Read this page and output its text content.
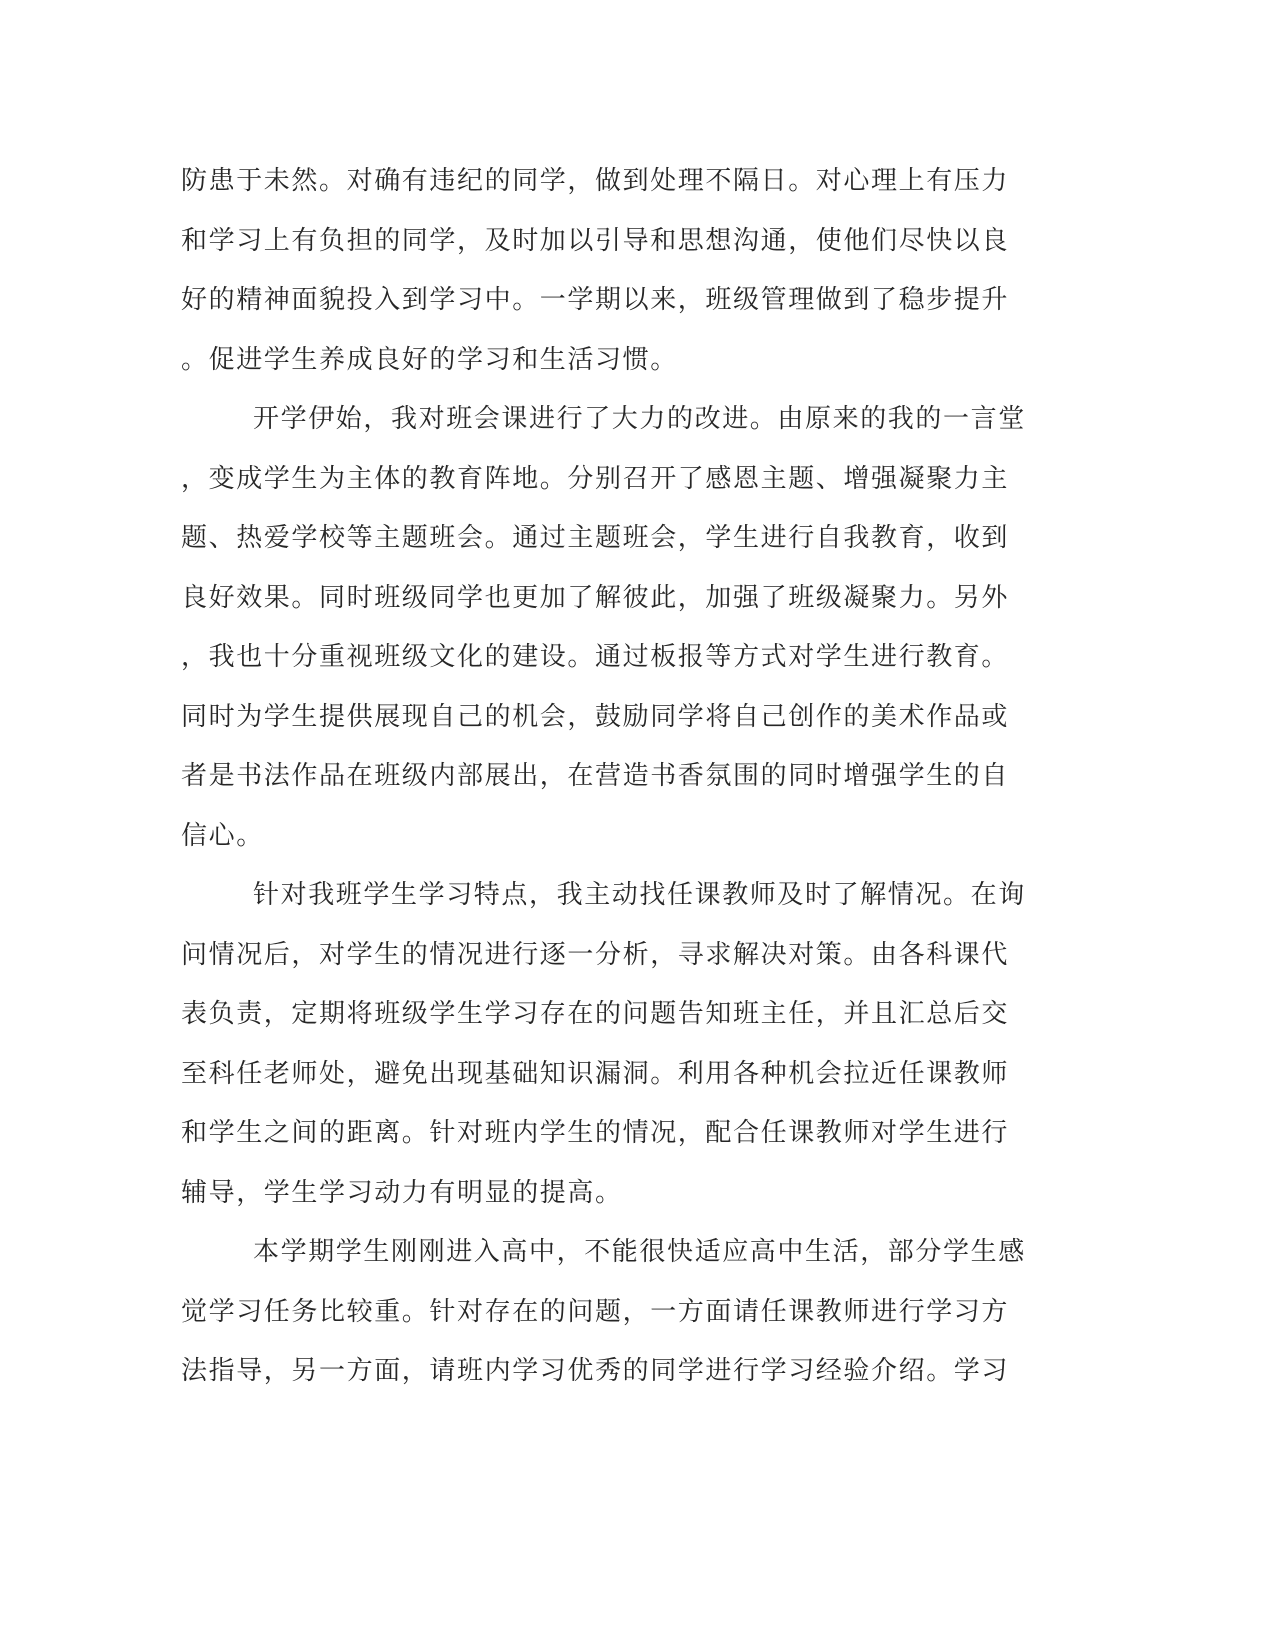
防患于未然。对确有违纪的同学，做到处理不隔日。对心理上有压力
和学习上有负担的同学，及时加以引导和思想沟通，使他们尽快以良
好的精神面貌投入到学习中。一学期以来，班级管理做到了稳步提升
。促进学生养成良好的学习和生活习惯。
开学伊始，我对班会课进行了大力的改进。由原来的我的一言堂
，变成学生为主体的教育阵地。分别召开了感恩主题、增强凝聚力主
题、热爱学校等主题班会。通过主题班会，学生进行自我教育，收到
良好效果。同时班级同学也更加了解彼此，加强了班级凝聚力。另外
，我也十分重视班级文化的建设。通过板报等方式对学生进行教育。
同时为学生提供展现自己的机会，鼓励同学将自己创作的美术作品或
者是书法作品在班级内部展出，在营造书香氛围的同时增强学生的自
信心。
针对我班学生学习特点，我主动找任课教师及时了解情况。在询
问情况后，对学生的情况进行逐一分析，寻求解决对策。由各科课代
表负责，定期将班级学生学习存在的问题告知班主任，并且汇总后交
至科任老师处，避免出现基础知识漏洞。利用各种机会拉近任课教师
和学生之间的距离。针对班内学生的情况，配合任课教师对学生进行
辅导，学生学习动力有明显的提高。
本学期学生刚刚进入高中，不能很快适应高中生活，部分学生感
觉学习任务比较重。针对存在的问题，一方面请任课教师进行学习方
法指导，另一方面，请班内学习优秀的同学进行学习经验介绍。学习
